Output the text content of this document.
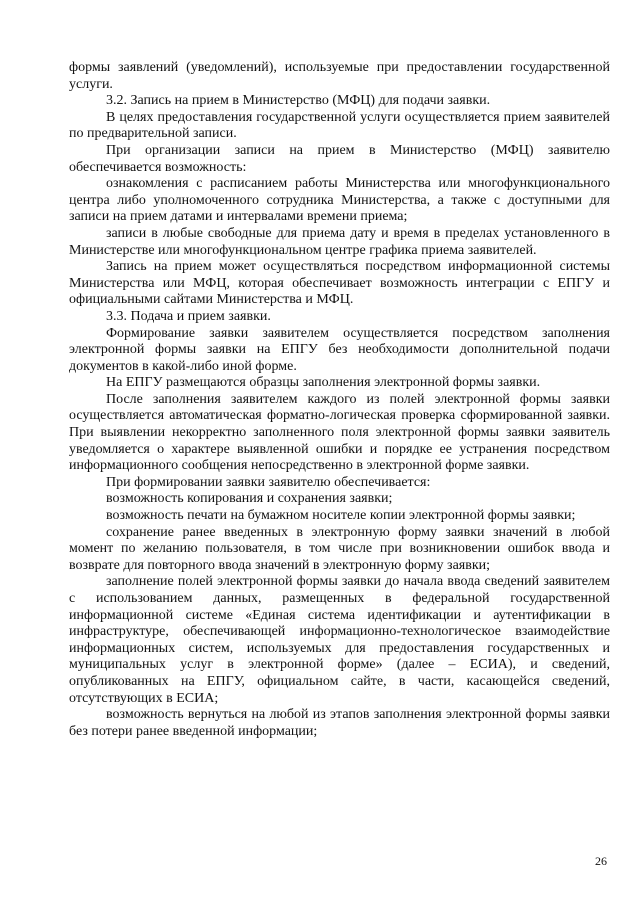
формы заявлений (уведомлений), используемые при предоставлении государственной услуги.

3.2. Запись на прием в Министерство (МФЦ) для подачи заявки.

В целях предоставления государственной услуги осуществляется прием заявителей по предварительной записи.

При организации записи на прием в Министерство (МФЦ) заявителю обеспечивается возможность:

ознакомления с расписанием работы Министерства или многофункционального центра либо уполномоченного сотрудника Министерства, а также с доступными для записи на прием датами и интервалами времени приема;

записи в любые свободные для приема дату и время в пределах установленного в Министерстве или многофункциональном центре графика приема заявителей.

Запись на прием может осуществляться посредством информационной системы Министерства или МФЦ, которая обеспечивает возможность интеграции с ЕПГУ и официальными сайтами Министерства и МФЦ.

3.3. Подача и прием заявки.

Формирование заявки заявителем осуществляется посредством заполнения электронной формы заявки на ЕПГУ без необходимости дополнительной подачи документов в какой-либо иной форме.

На ЕПГУ размещаются образцы заполнения электронной формы заявки.

После заполнения заявителем каждого из полей электронной формы заявки осуществляется автоматическая форматно-логическая проверка сформированной заявки. При выявлении некорректно заполненного поля электронной формы заявки заявитель уведомляется о характере выявленной ошибки и порядке ее устранения посредством информационного сообщения непосредственно в электронной форме заявки.

При формировании заявки заявителю обеспечивается:

возможность копирования и сохранения заявки;

возможность печати на бумажном носителе копии электронной формы заявки;

сохранение ранее введенных в электронную форму заявки значений в любой момент по желанию пользователя, в том числе при возникновении ошибок ввода и возврате для повторного ввода значений в электронную форму заявки;

заполнение полей электронной формы заявки до начала ввода сведений заявителем с использованием данных, размещенных в федеральной государственной информационной системе «Единая система идентификации и аутентификации в инфраструктуре, обеспечивающей информационно-технологическое взаимодействие информационных систем, используемых для предоставления государственных и муниципальных услуг в электронной форме» (далее – ЕСИА), и сведений, опубликованных на ЕПГУ, официальном сайте, в части, касающейся сведений, отсутствующих в ЕСИА;

возможность вернуться на любой из этапов заполнения электронной формы заявки без потери ранее введенной информации;

26
